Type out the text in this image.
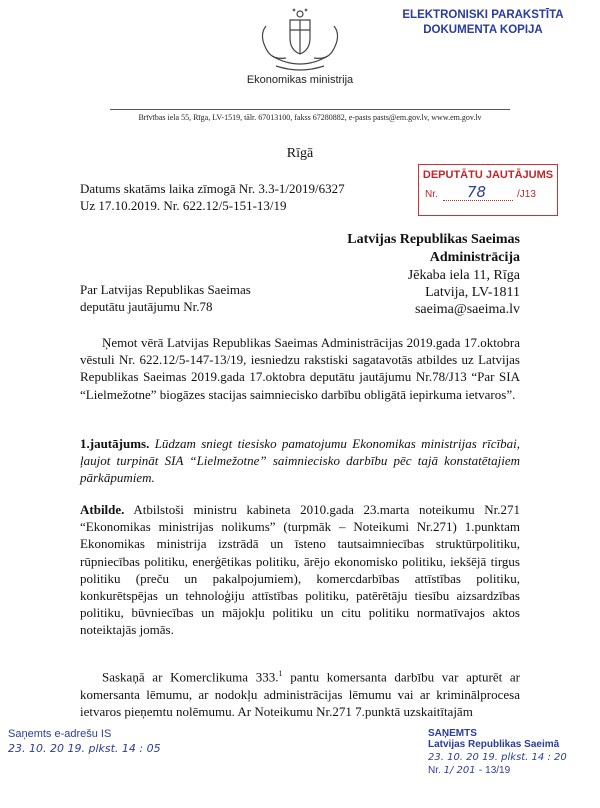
Ekonomikas ministrija
Brīvības iela 55, Rīga, LV-1519, tālr. 67013100, fakss 67280882, e-pasts pasts@em.gov.lv, www.em.gov.lv
ELEKTRONISKI PARAKSTĪTA
DOKUMENTA KOPIJA
Rīgā
Datums skatāms laika zīmogā Nr. 3.3-1/2019/6327
Uz 17.10.2019. Nr. 622.12/5-151-13/19
DEPUTĀTU JAUTĀJUMS
Nr. 78	/J13
Latvijas Republikas Saeimas
Administrācija
Jēkaba iela 11, Rīga
Latvija, LV-1811
saeima@saeima.lv
Par Latvijas Republikas Saeimas
deputātu jautājumu Nr.78
Ņemot vērā Latvijas Republikas Saeimas Administrācijas 2019.gada 17.oktobra vēstuli Nr. 622.12/5-147-13/19, iesniedzu rakstiski sagatavotās atbildes uz Latvijas Republikas Saeimas 2019.gada 17.oktobra deputātu jautājumu Nr.78/J13 “Par SIA “Lielmežotne” biogāzes stacijas saimniecisko darbību obligātā iepirkuma ietvaros”.
1.jautājums. Lūdzam sniegt tiesisko pamatojumu Ekonomikas ministrijas rīcībai, ļaujot turpināt SIA “Lielmežotne” saimniecisko darbību pēc tajā konstatētajiem pārkāpumiem.
Atbilde. Atbilstoši ministru kabineta 2010.gada 23.marta noteikumu Nr.271 “Ekonomikas ministrijas nolikums” (turpmāk – Noteikumi Nr.271) 1.punktam Ekonomikas ministrija izstrādā un īsteno tautsaimniecības struktūrpolitiku, rūpniecības politiku, enerģētikas politiku, ārējo ekonomisko politiku, iekšējā tirgus politiku (preču un pakalpojumiem), komercdarbības attīstības politiku, konkurētspējas un tehnoloģiju attīstības politiku, patērētāju tiesību aizsardzības politiku, būvniecības un mājokļu politiku un citu politiku normatīvajos aktos noteiktajās jomās.
Saskaņā ar Komerclikuma 333.$^1$ pantu komersanta darbību var apturēt ar komersanta lēmumu, ar nodokļu administrācijas lēmumu vai ar kriminālprocesa ietvaros pieņemtu nolēmumu. Ar Noteikumu Nr.271 7.punktā uzskaitītajām
Saņemts e-adrešu IS
23. 10. 20 19. plkst. 14 : 05
SAŅEMTS
Latvijas Republikas Saeimā
23. 10. 20 19. plkst. 14 : 20
Nr. 1/ 201 - 13/19
